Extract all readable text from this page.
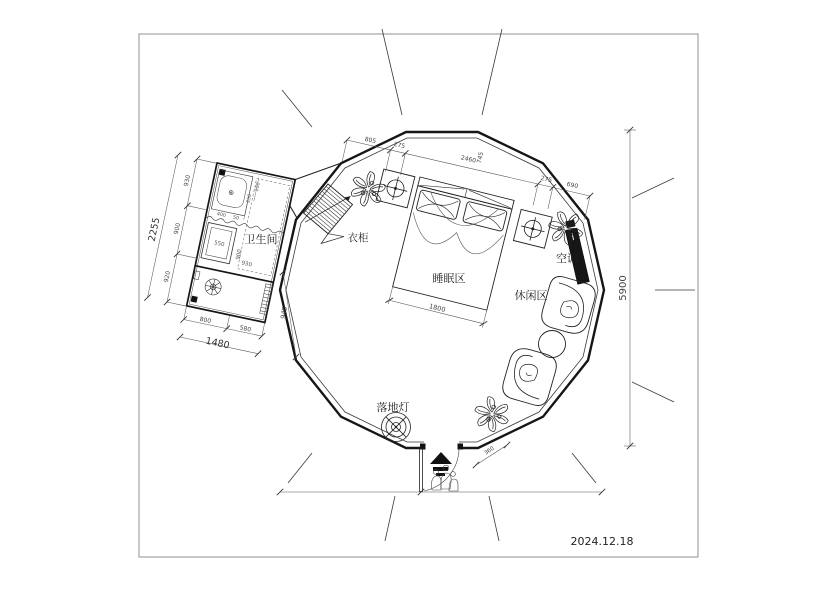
1800
550
900
930
400 50
250
100
805
275
2460 745
275
690
5900
360
930
900
920
2255
800
580
1480
945
卫生间	衣柜
睡眠区
休闲区
空调
落地灯
2024.12.18
